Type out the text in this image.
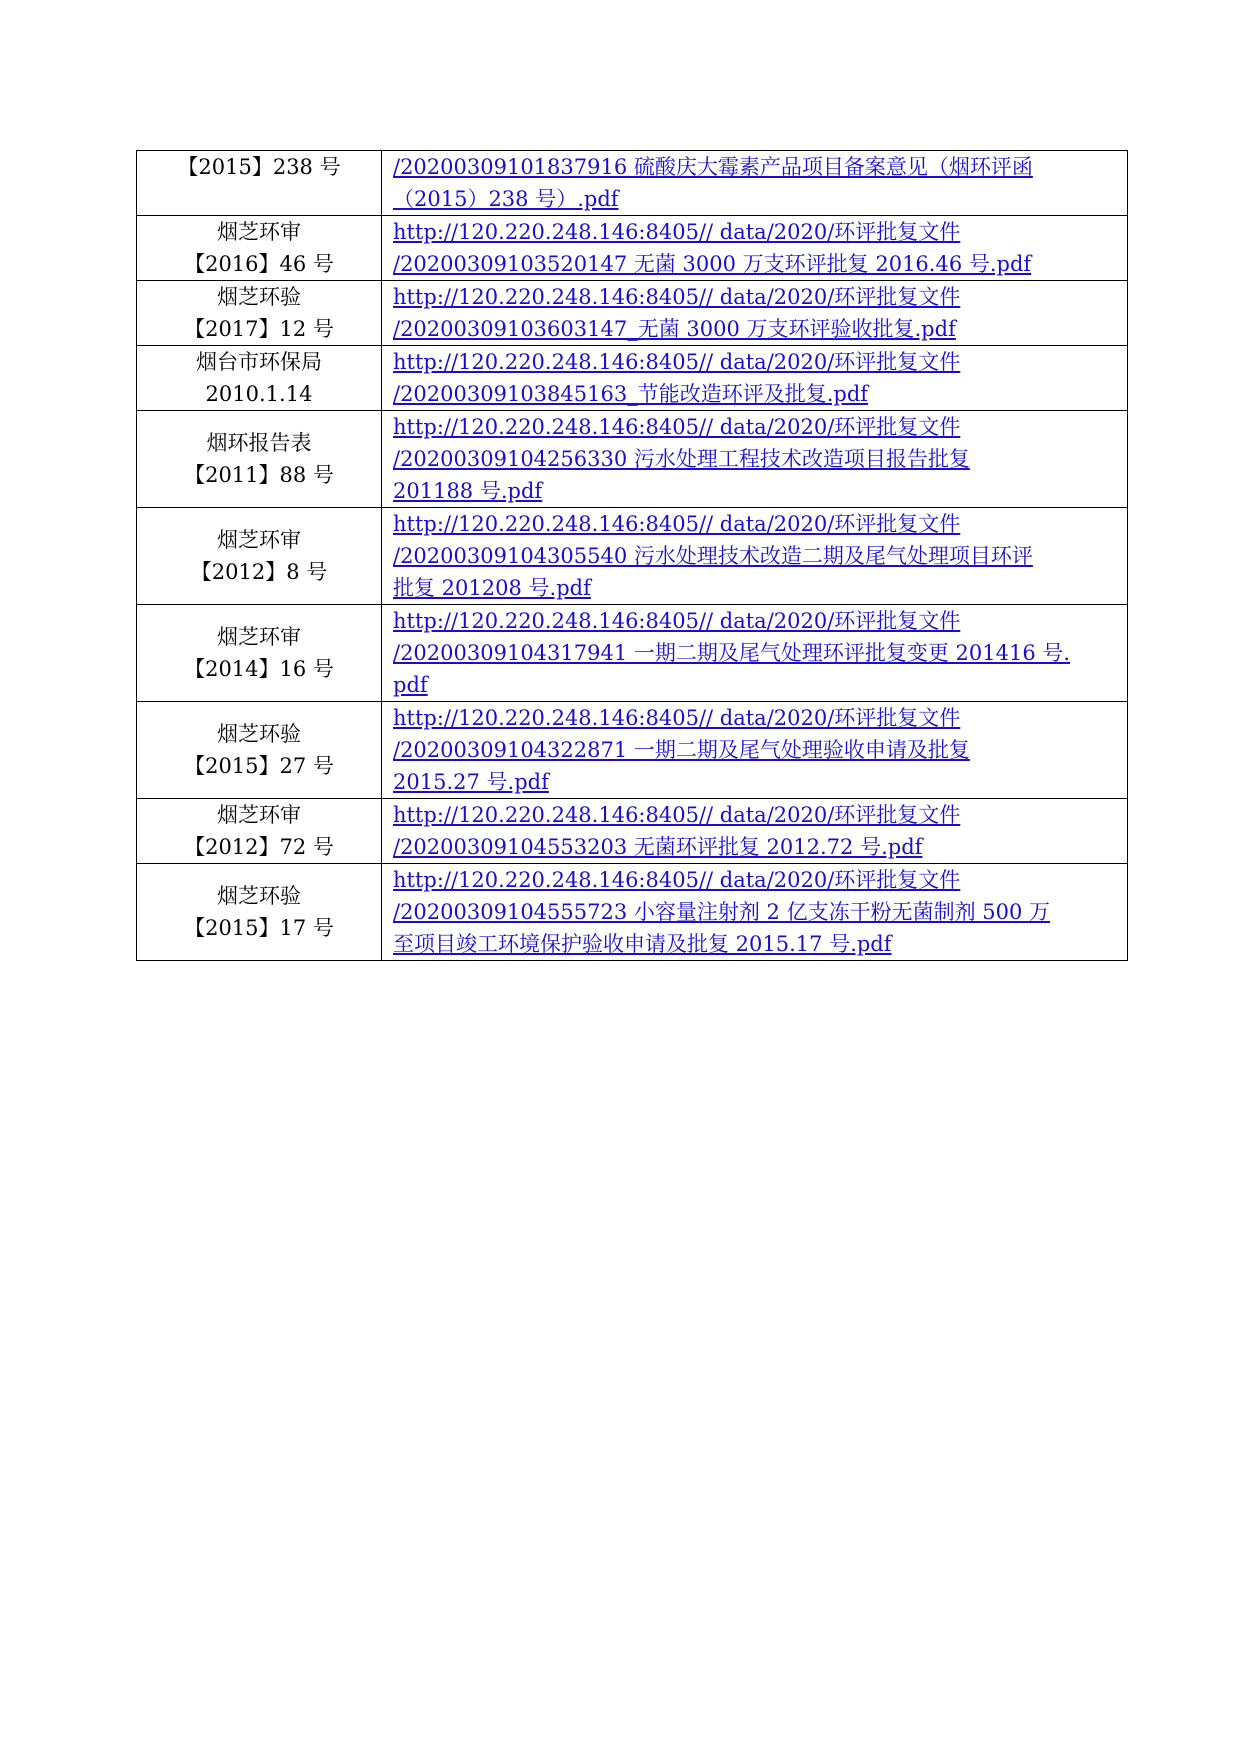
【2015】238 号	/20200309101837916 硫酸庆大霉素产品项目备案意见（烟环评函
（2015）238 号）.pdf

烟芝环审
【2016】46 号	http://120.220.248.146:8405// data/2020/环评批复文件
/20200309103520147 无菌 3000 万支环评批复 2016.46 号.pdf

烟芝环验
【2017】12 号	http://120.220.248.146:8405// data/2020/环评批复文件
/20200309103603147_无菌 3000 万支环评验收批复.pdf

烟台市环保局
2010.1.14	http://120.220.248.146:8405// data/2020/环评批复文件
/20200309103845163_节能改造环评及批复.pdf

烟环报告表
【2011】88 号	http://120.220.248.146:8405// data/2020/环评批复文件
/20200309104256330 污水处理工程技术改造项目报告批复
201188 号.pdf

烟芝环审
【2012】8 号	http://120.220.248.146:8405// data/2020/环评批复文件
/20200309104305540 污水处理技术改造二期及尾气处理项目环评
批复 201208 号.pdf

烟芝环审
【2014】16 号	http://120.220.248.146:8405// data/2020/环评批复文件
/20200309104317941 一期二期及尾气处理环评批复变更 201416 号.
pdf

烟芝环验
【2015】27 号	http://120.220.248.146:8405// data/2020/环评批复文件
/20200309104322871 一期二期及尾气处理验收申请及批复
2015.27 号.pdf

烟芝环审
【2012】72 号	http://120.220.248.146:8405// data/2020/环评批复文件
/20200309104553203 无菌环评批复 2012.72 号.pdf

烟芝环验
【2015】17 号	http://120.220.248.146:8405// data/2020/环评批复文件
/20200309104555723 小容量注射剂 2 亿支冻干粉无菌制剂 500 万
至项目竣工环境保护验收申请及批复 2015.17 号.pdf
